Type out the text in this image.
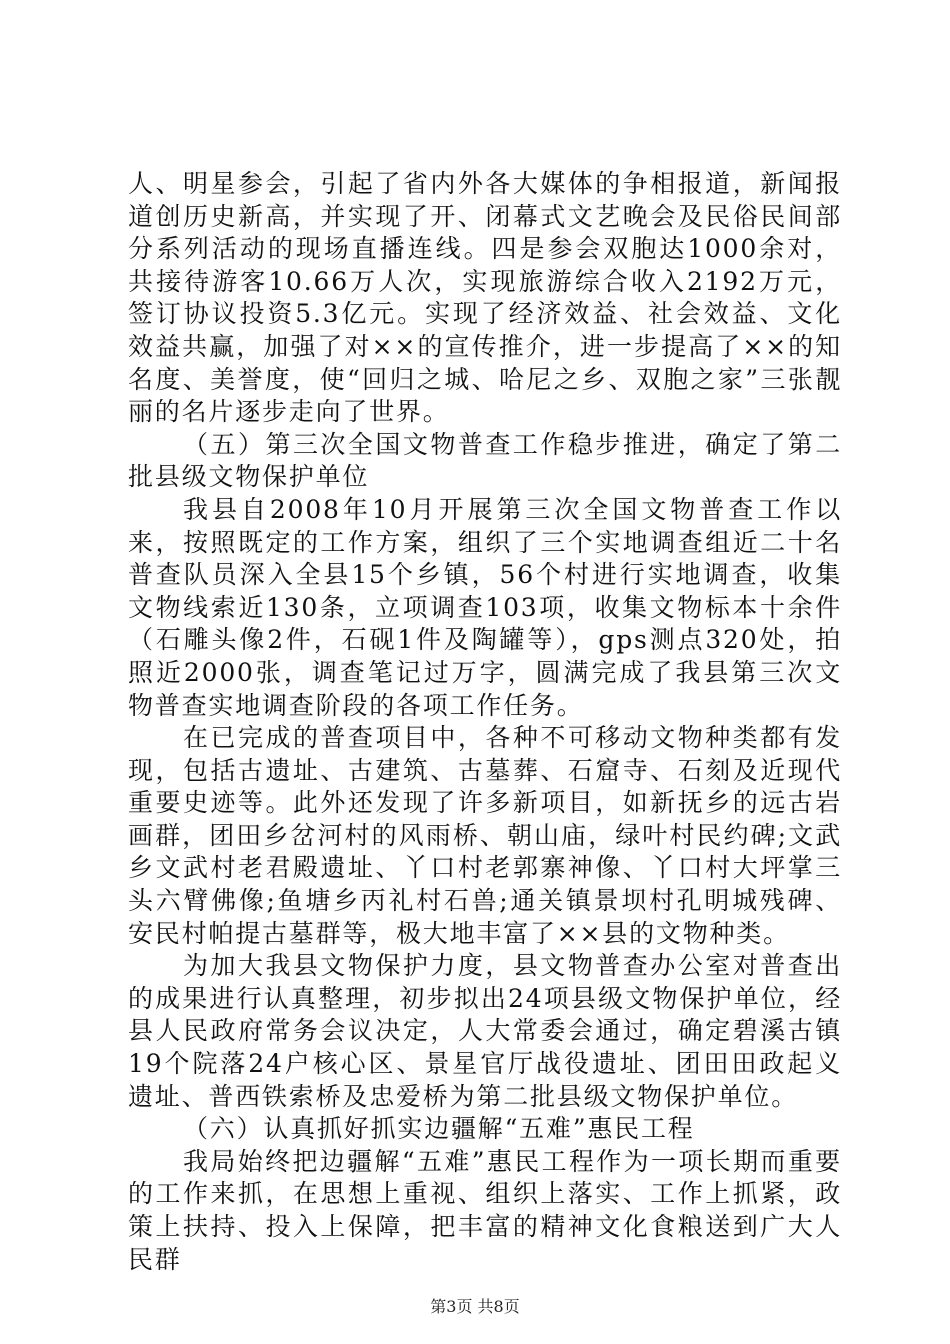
人、明星参会，引起了省内外各大媒体的争相报道，新闻报道创历史新高，并实现了开、闭幕式文艺晚会及民俗民间部分系列活动的现场直播连线。四是参会双胞达1000余对，共接待游客10.66万人次，实现旅游综合收入2192万元，签订协议投资5.3亿元。实现了经济效益、社会效益、文化效益共赢，加强了对××的宣传推介，进一步提高了××的知名度、美誉度，使“回归之城、哈尼之乡、双胞之家”三张靓丽的名片逐步走向了世界。

（五）第三次全国文物普查工作稳步推进，确定了第二批县级文物保护单位

我县自2008年10月开展第三次全国文物普查工作以来，按照既定的工作方案，组织了三个实地调查组近二十名普查队员深入全县15个乡镇，56个村进行实地调查，收集文物线索近130条，立项调查103项，收集文物标本十余件（石雕头像2件，石砚1件及陶罐等），gps测点320处，拍照近2000张，调查笔记过万字，圆满完成了我县第三次文物普查实地调查阶段的各项工作任务。

在已完成的普查项目中，各种不可移动文物种类都有发现，包括古遗址、古建筑、古墓葬、石窟寺、石刻及近现代重要史迹等。此外还发现了许多新项目，如新抚乡的远古岩画群，团田乡岔河村的风雨桥、朝山庙，绿叶村民约碑;文武乡文武村老君殿遗址、丫口村老郭寨神像、丫口村大坪掌三头六臂佛像;鱼塘乡丙礼村石兽;通关镇景坝村孔明城残碑、安民村帕提古墓群等，极大地丰富了××县的文物种类。

为加大我县文物保护力度，县文物普查办公室对普查出的成果进行认真整理，初步拟出24项县级文物保护单位，经县人民政府常务会议决定，人大常委会通过，确定碧溪古镇19个院落24户核心区、景星官厅战役遗址、团田田政起义遗址、普西铁索桥及忠爱桥为第二批县级文物保护单位。

（六）认真抓好抓实边疆解“五难”惠民工程

我局始终把边疆解“五难”惠民工程作为一项长期而重要的工作来抓，在思想上重视、组织上落实、工作上抓紧，政策上扶持、投入上保障，把丰富的精神文化食粮送到广大人民群

第3页 共8页
